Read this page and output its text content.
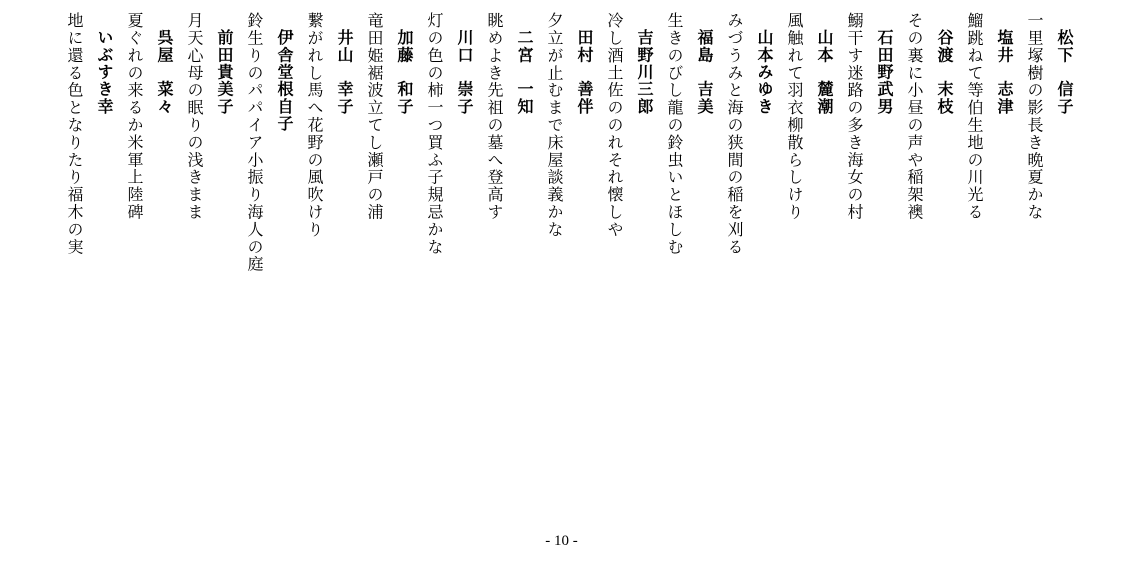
松下　信子
一里塚樹の影長き晩夏かな
塩井　志津
鰡跳ねて等伯生地の川光る
谷渡　末枝
その裏に小昼の声や稲架襖
石田野武男
鰯干す迷路の多き海女の村
山本　麓潮
風触れて羽衣柳散らしけり
山本みゆき
みづうみと海の狭間の稲を刈る
福島　吉美
生きのびし龍の鈴虫いとほしむ
吉野川三郎
冷し酒土佐ののれそれ懐しや
田村　善伴
夕立が止むまで床屋談義かな
二宮　一知
眺めよき先祖の墓へ登高す
川口　崇子
灯の色の柿一つ買ふ子規忌かな
加藤　和子
竜田姫裾波立てし瀬戸の浦
井山　幸子
繋がれし馬へ花野の風吹けり
伊舎堂根自子
鈴生りのパパイア小振り海人の庭
前田貴美子
月天心母の眠りの浅きまま
呉屋　菜々
夏ぐれの来るか米軍上陸碑
いぶすき幸
地に還る色となりたり福木の実
- 10 -
